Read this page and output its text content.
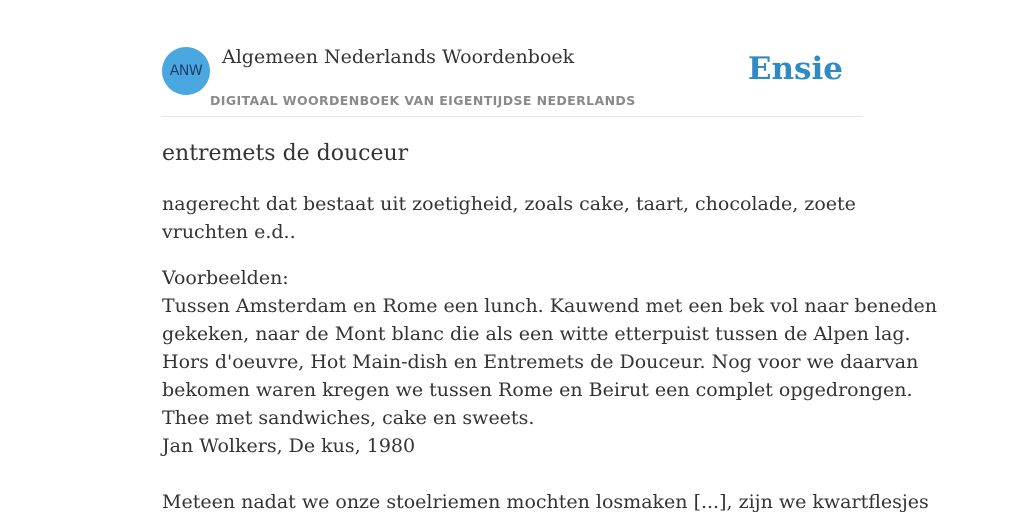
ANW
Algemeen Nederlands Woordenboek
DIGITAAL WOORDENBOEK VAN EIGENTIJDSE NEDERLANDS
Ensie
entremets de douceur

nagerecht dat bestaat uit zoetigheid, zoals cake, taart, chocolade, zoete vruchten e.d..

Voorbeelden:
Tussen Amsterdam en Rome een lunch. Kauwend met een bek vol naar beneden
gekeken, naar de Mont blanc die als een witte etterpuist tussen de Alpen lag.
Hors d'oeuvre, Hot Main-dish en Entremets de Douceur. Nog voor we daarvan
bekomen waren kregen we tussen Rome en Beirut een complet opgedrongen.
Thee met sandwiches, cake en sweets.
Jan Wolkers, De kus, 1980
Meteen nadat we onze stoelriemen mochten losmaken [...], zijn we kwartflesjes
